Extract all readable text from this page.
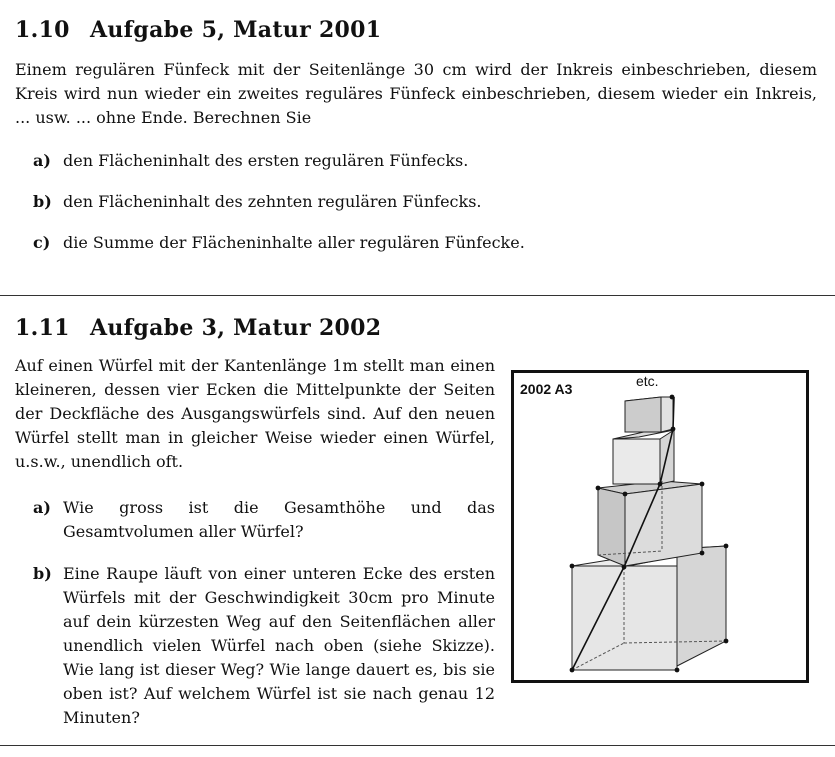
1.10 Aufgabe 5, Matur 2001

Einem regulären Fünfeck mit der Seitenlänge 30 cm wird der Inkreis einbeschrieben, diesem Kreis wird nun wieder ein zweites reguläres Fünfeck einbeschrieben, diesem wieder ein Inkreis, ... usw. ... ohne Ende. Berechnen Sie

a) den Flächeninhalt des ersten regulären Fünfecks.
b) den Flächeninhalt des zehnten regulären Fünfecks.
c) die Summe der Flächeninhalte aller regulären Fünfecke.
1.11 Aufgabe 3, Matur 2002

Auf einen Würfel mit der Kantenlänge 1m stellt man einen kleineren, dessen vier Ecken die Mittelpunkte der Seiten der Deckfläche des Ausgangswürfels sind. Auf den neuen Würfel stellt man in gleicher Weise wieder einen Würfel, u.s.w., unendlich oft.

a) Wie gross ist die Gesamthöhe und das Gesamtvolumen aller Würfel?
b) Eine Raupe läuft von einer unteren Ecke des ersten Würfels mit der Geschwindigkeit 30cm pro Minute auf dein kürzesten Weg auf den Seitenflächen aller unendlich vielen Würfel nach oben (siehe Skizze). Wie lang ist dieser Weg? Wie lange dauert es, bis sie oben ist? Auf welchem Würfel ist sie nach genau 12 Minuten?
2002 A3	etc.
